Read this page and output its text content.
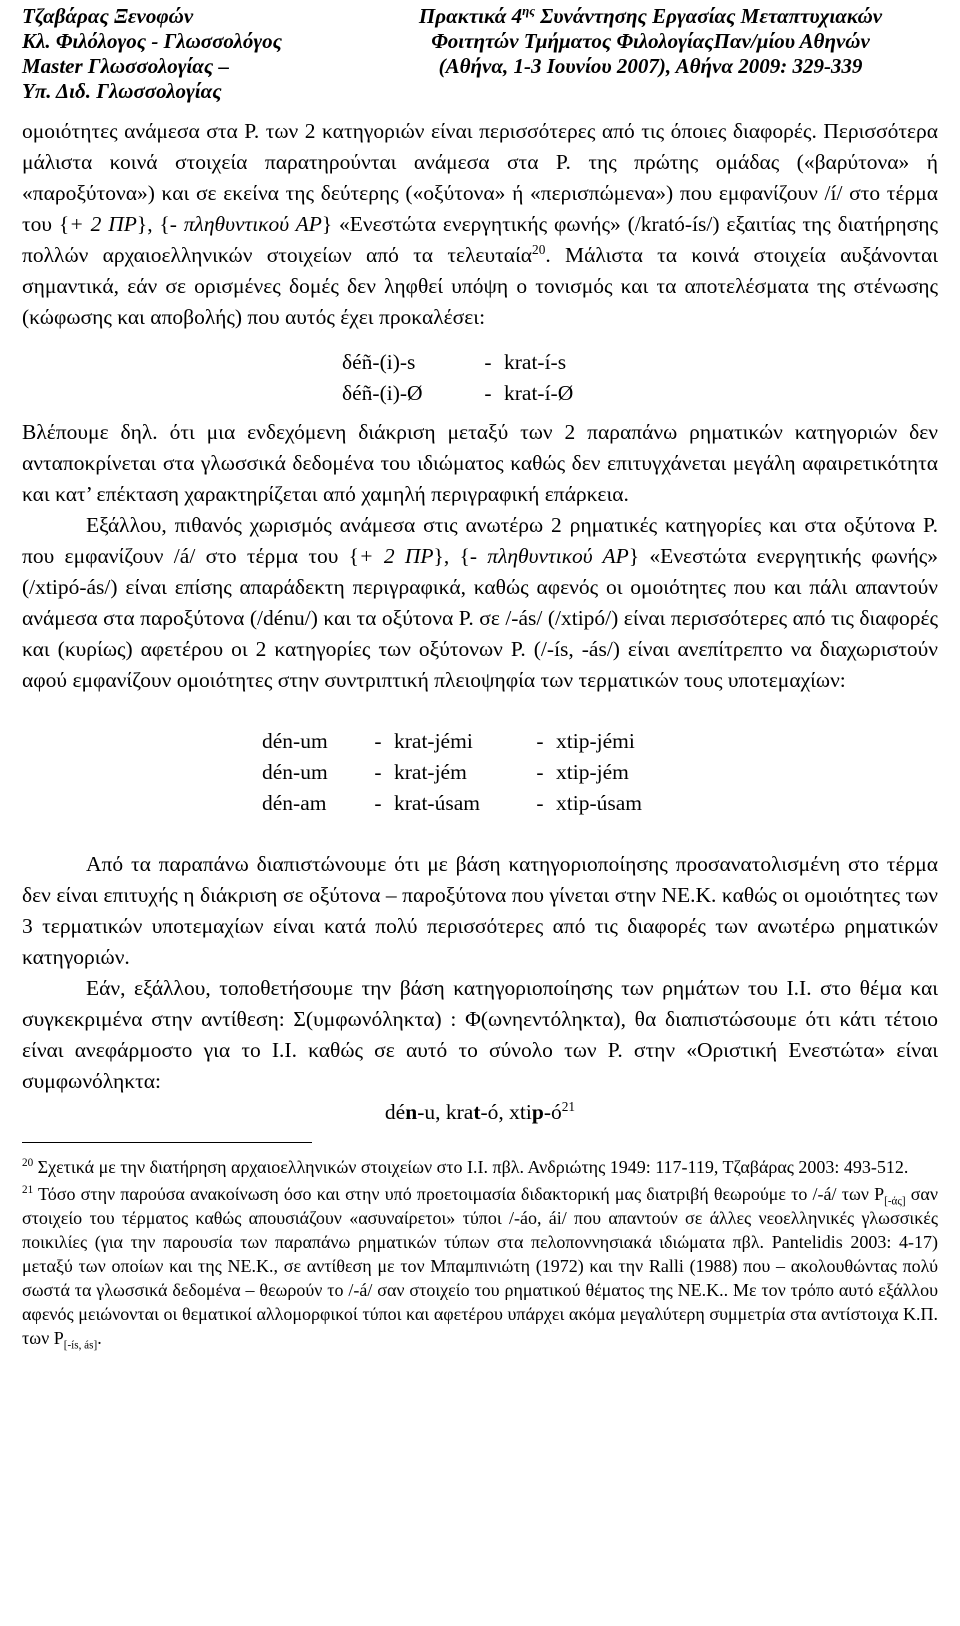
Τζαβάρας Ξενοφών
Κλ. Φιλόλογος - Γλωσσολόγος
Master Γλωσσολογίας –
Υπ. Διδ. Γλωσσολογίας
Πρακτικά $4^{\eta\varsigma}$ Συνάντησης Εργασίας Μεταπτυχιακών
Φοιτητών Τμήματος ΦιλολογίαςΠαν/μίου Αθηνών
(Αθήνα, 1-3 Ιουνίου 2007), Αθήνα 2009: 329-339

ομοιότητες ανάμεσα στα Ρ. των 2 κατηγοριών είναι περισσότερες από τις όποιες διαφορές. Περισσότερα μάλιστα κοινά στοιχεία παρατηρούνται ανάμεσα στα Ρ. της πρώτης ομάδας («βαρύτονα» ή «παροξύτονα») και σε εκείνα της δεύτερης («οξύτονα» ή «περισπώμενα») που εμφανίζουν /í/ στο τέρμα του {+ 2 ΠΡ}, {- πληθυντικού ΑΡ} «Ενεστώτα ενεργητικής φωνής» (/krató-ís/) εξαιτίας της διατήρησης πολλών αρχαιοελληνικών στοιχείων από τα τελευταία$^{20}$. Μάλιστα τα κοινά στοιχεία αυξάνονται σημαντικά, εάν σε ορισμένες δομές δεν ληφθεί υπόψη ο τονισμός και τα αποτελέσματα της στένωσης (κώφωσης και αποβολής) που αυτός έχει προκαλέσει:

δéñ-(i)-s	- krat-í-s
δéñ-(i)-Ø	- krat-í-Ø

Βλέπουμε δηλ. ότι μια ενδεχόμενη διάκριση μεταξύ των 2 παραπάνω ρηματικών κατηγοριών δεν ανταποκρίνεται στα γλωσσικά δεδομένα του ιδιώματος καθώς δεν επιτυγχάνεται μεγάλη αφαιρετικότητα και κατ’ επέκταση χαρακτηρίζεται από χαμηλή περιγραφική επάρκεια.

Εξάλλου, πιθανός χωρισμός ανάμεσα στις ανωτέρω 2 ρηματικές κατηγορίες και στα οξύτονα Ρ. που εμφανίζουν /á/ στο τέρμα του {+ 2 ΠΡ}, {- πληθυντικού ΑΡ} «Ενεστώτα ενεργητικής φωνής» (/xtipó-ás/) είναι επίσης απαράδεκτη περιγραφικά, καθώς αφενός οι ομοιότητες που και πάλι απαντούν ανάμεσα στα παροξύτονα (/dénu/) και τα οξύτονα Ρ. σε /-ás/ (/xtipó/) είναι περισσότερες από τις διαφορές και (κυρίως) αφετέρου οι 2 κατηγορίες των οξύτονων Ρ. (/-ís, -ás/) είναι ανεπίτρεπτο να διαχωριστούν αφού εμφανίζουν ομοιότητες στην συντριπτική πλειοψηφία των τερματικών τους υποτεμαχίων:

dén-um	- krat-jémi	- xtip-jémi
dén-um	- krat-jém	- xtip-jém
dén-am	- krat-úsam	- xtip-úsam

Από τα παραπάνω διαπιστώνουμε ότι με βάση κατηγοριοποίησης προσανατολισμένη στο τέρμα δεν είναι επιτυχής η διάκριση σε οξύτονα – παροξύτονα που γίνεται στην ΝΕ.Κ. καθώς οι ομοιότητες των 3 τερματικών υποτεμαχίων είναι κατά πολύ περισσότερες από τις διαφορές των ανωτέρω ρηματικών κατηγοριών.

Εάν, εξάλλου, τοποθετήσουμε την βάση κατηγοριοποίησης των ρημάτων του Ι.Ι. στο θέμα και συγκεκριμένα στην αντίθεση: Σ(υμφωνόληκτα) : Φ(ωνηεντόληκτα), θα διαπιστώσουμε ότι κάτι τέτοιο είναι ανεφάρμοστο για το Ι.Ι. καθώς σε αυτό το σύνολο των Ρ. στην «Οριστική Ενεστώτα» είναι συμφωνόληκτα:

dén-u, krat-ó, xtip-$ó^{21}$

$^{20}$ Σχετικά με την διατήρηση αρχαιοελληνικών στοιχείων στο Ι.Ι. πβλ. Ανδριώτης 1949: 117-119, Τζαβάρας 2003: 493-512.

$^{21}$ Τόσο στην παρούσα ανακοίνωση όσο και στην υπό προετοιμασία διδακτορική μας διατριβή θεωρούμε το /-á/ των $P_{[-ά\varsigma]}$ σαν στοιχείο του τέρματος καθώς απουσιάζουν «ασυναίρετοι» τύποι /-áo, ái/ που απαντούν σε άλλες νεοελληνικές γλωσσικές ποικιλίες (για την παρουσία των παραπάνω ρηματικών τύπων στα πελοποννησιακά ιδιώματα πβλ. Pantelidis 2003: 4-17) μεταξύ των οποίων και της ΝΕ.Κ., σε αντίθεση με τον Μπαμπινιώτη (1972) και την Ralli (1988) που – ακολουθώντας πολύ σωστά τα γλωσσικά δεδομένα – θεωρούν το /-á/ σαν στοιχείο του ρηματικού θέματος της ΝΕ.Κ.. Με τον τρόπο αυτό εξάλλου αφενός μειώνονται οι θεματικοί αλλομορφικοί τύποι και αφετέρου υπάρχει ακόμα μεγαλύτερη συμμετρία στα αντίστοιχα Κ.Π. των $P_{[-ís, ás]}$.
